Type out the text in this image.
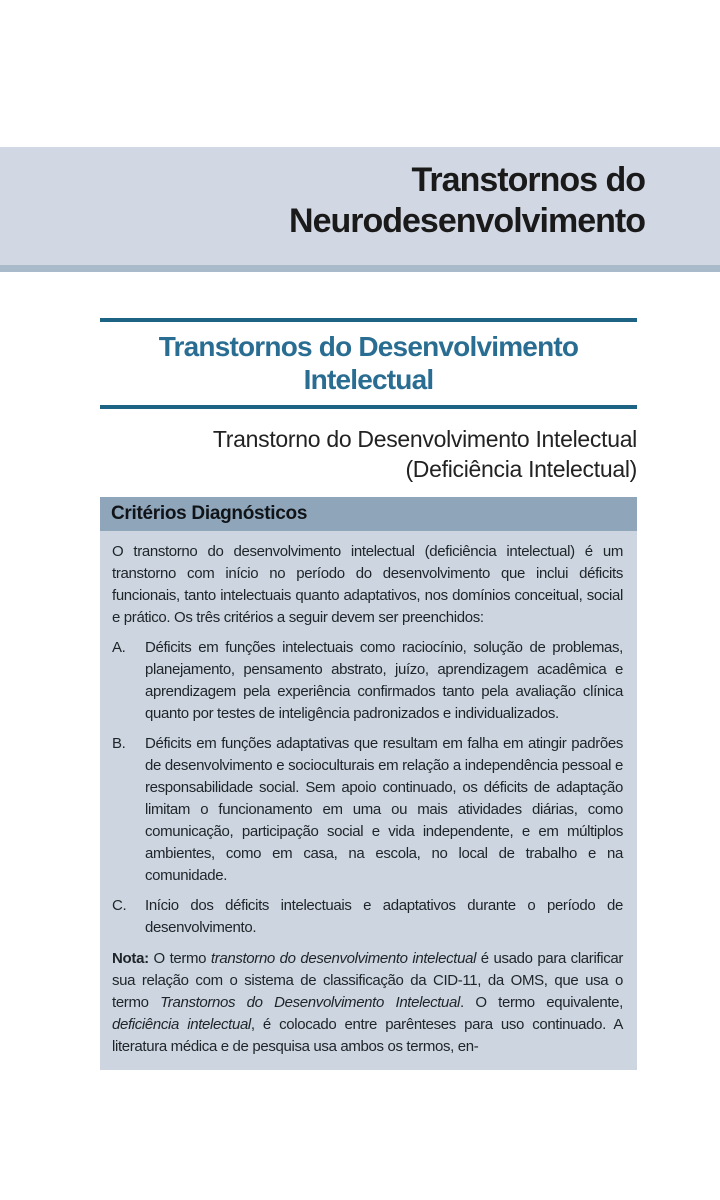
Transtornos do Neurodesenvolvimento
Transtornos do Desenvolvimento Intelectual

Transtorno do Desenvolvimento Intelectual (Deficiência Intelectual)

Critérios Diagnósticos

O transtorno do desenvolvimento intelectual (deficiência intelectual) é um transtorno com início no período do desenvolvimento que inclui déficits funcionais, tanto intelectuais quanto adaptativos, nos domínios conceitual, social e prático. Os três critérios a seguir devem ser preenchidos:

A.	Déficits em funções intelectuais como raciocínio, solução de problemas, planejamento, pensamento abstrato, juízo, aprendizagem acadêmica e aprendizagem pela experiência confirmados tanto pela avaliação clínica quanto por testes de inteligência padronizados e individualizados.
B.	Déficits em funções adaptativas que resultam em falha em atingir padrões de desenvolvimento e socioculturais em relação a independência pessoal e responsabilidade social. Sem apoio continuado, os déficits de adaptação limitam o funcionamento em uma ou mais atividades diárias, como comunicação, participação social e vida independente, e em múltiplos ambientes, como em casa, na escola, no local de trabalho e na comunidade.
C.	Início dos déficits intelectuais e adaptativos durante o período de desenvolvimento.

Nota: O termo transtorno do desenvolvimento intelectual é usado para clarificar sua relação com o sistema de classificação da CID-11, da OMS, que usa o termo Transtornos do Desenvolvimento Intelectual. O termo equivalente, deficiência intelectual, é colocado entre parênteses para uso continuado. A literatura médica e de pesquisa usa ambos os termos, en-
